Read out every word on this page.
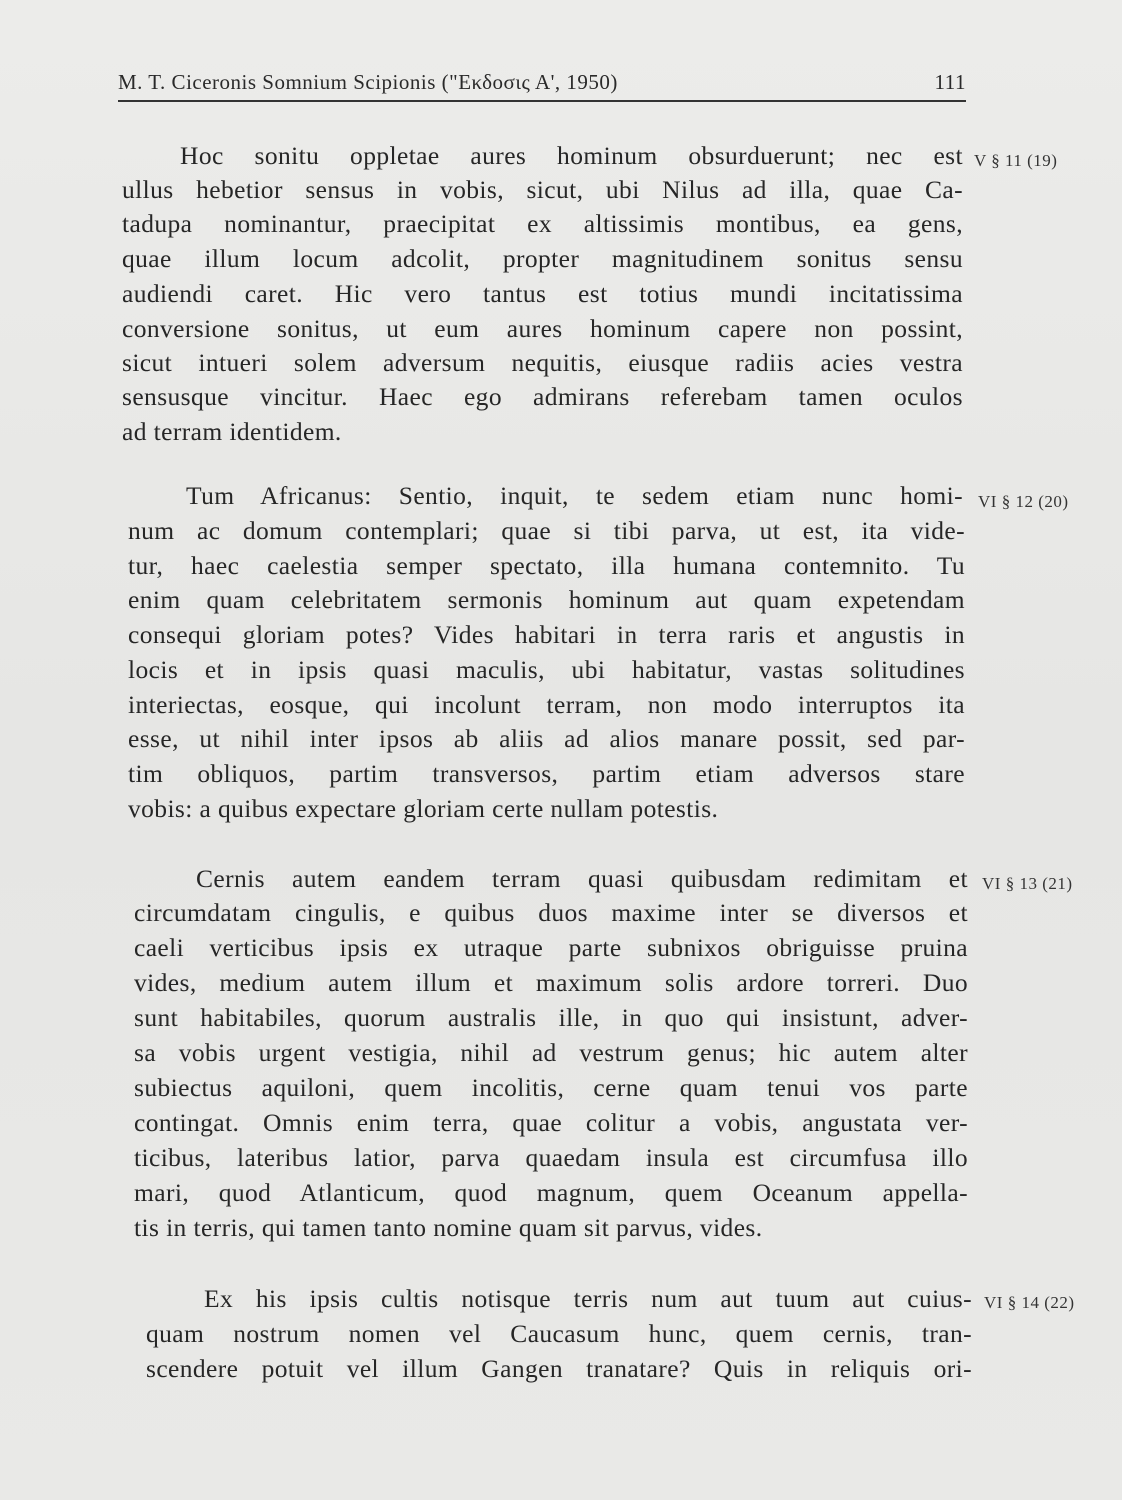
M. T. Ciceronis Somnium Scipionis ("Εκδοσις Α', 1950)	111
V § 11 (19)
Hoc sonitu oppletae aures hominum obsurduerunt; nec est
ullus hebetior sensus in vobis, sicut, ubi Nilus ad illa, quae Ca-
tadupa nominantur, praecipitat ex altissimis montibus, ea gens,
quae illum locum adcolit, propter magnitudinem sonitus sensu
audiendi caret. Hic vero tantus est totius mundi incitatissima
conversione sonitus, ut eum aures hominum capere non possint,
sicut intueri solem adversum nequitis, eiusque radiis acies vestra
sensusque vincitur. Haec ego admirans referebam tamen oculos
ad terram identidem.
VI § 12 (20)
Tum Africanus: Sentio, inquit, te sedem etiam nunc homi-
num ac domum contemplari; quae si tibi parva, ut est, ita vide-
tur, haec caelestia semper spectato, illa humana contemnito. Tu
enim quam celebritatem sermonis hominum aut quam expetendam
consequi gloriam potes? Vides habitari in terra raris et angustis in
locis et in ipsis quasi maculis, ubi habitatur, vastas solitudines
interiectas, eosque, qui incolunt terram, non modo interruptos ita
esse, ut nihil inter ipsos ab aliis ad alios manare possit, sed par-
tim obliquos, partim transversos, partim etiam adversos stare
vobis: a quibus expectare gloriam certe nullam potestis.
VI § 13 (21)
Cernis autem eandem terram quasi quibusdam redimitam et
circumdatam cingulis, e quibus duos maxime inter se diversos et
caeli verticibus ipsis ex utraque parte subnixos obriguisse pruina
vides, medium autem illum et maximum solis ardore torreri. Duo
sunt habitabiles, quorum australis ille, in quo qui insistunt, adver-
sa vobis urgent vestigia, nihil ad vestrum genus; hic autem alter
subiectus aquiloni, quem incolitis, cerne quam tenui vos parte
contingat. Omnis enim terra, quae colitur a vobis, angustata ver-
ticibus, lateribus latior, parva quaedam insula est circumfusa illo
mari, quod Atlanticum, quod magnum, quem Oceanum appella-
tis in terris, qui tamen tanto nomine quam sit parvus, vides.
VI § 14 (22)
Ex his ipsis cultis notisque terris num aut tuum aut cuius-
quam nostrum nomen vel Caucasum hunc, quem cernis, tran-
scendere potuit vel illum Gangen tranatare? Quis in reliquis ori-
